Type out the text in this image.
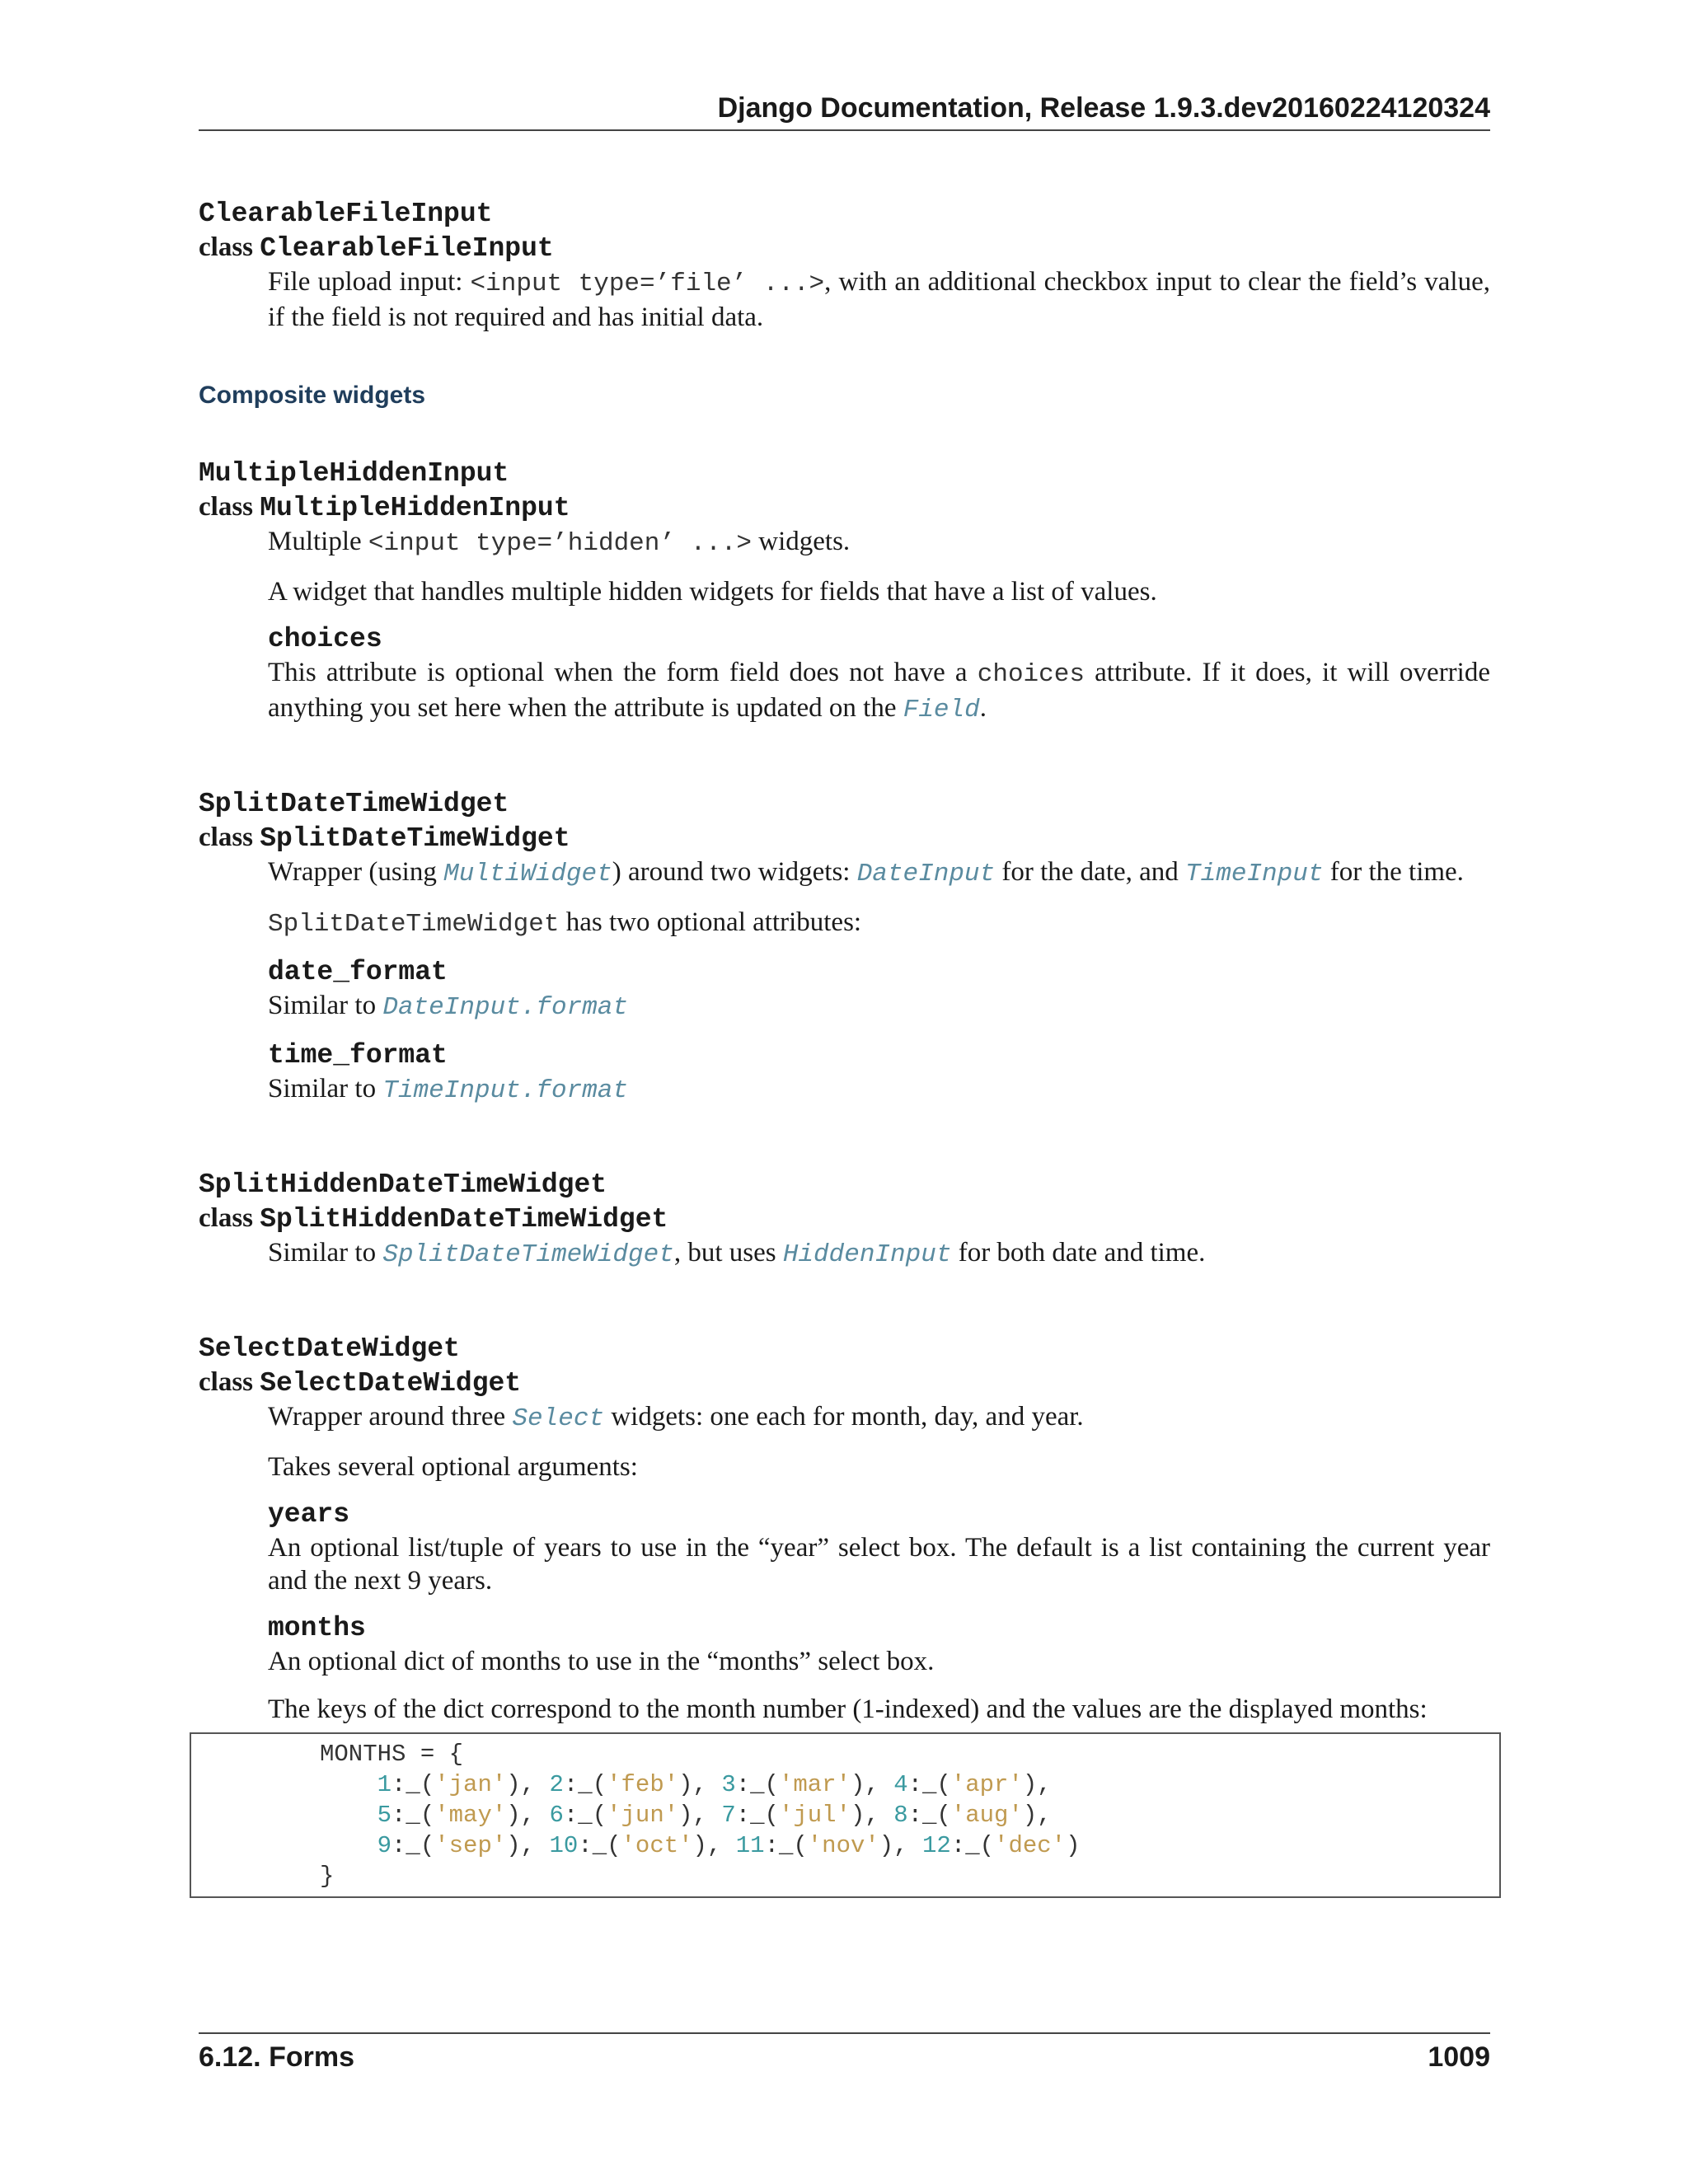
Django Documentation, Release 1.9.3.dev20160224120324
ClearableFileInput
class ClearableFileInput

File upload input: <input type=’file’ ...>, with an additional checkbox input to clear the field’s value, if the field is not required and has initial data.

Composite widgets
MultipleHiddenInput
class MultipleHiddenInput

Multiple <input type=’hidden’ ...> widgets.

A widget that handles multiple hidden widgets for fields that have a list of values.

choices

This attribute is optional when the form field does not have a choices attribute. If it does, it will override anything you set here when the attribute is updated on the Field.

SplitDateTimeWidget
class SplitDateTimeWidget

Wrapper (using MultiWidget) around two widgets: DateInput for the date, and TimeInput for the time.

SplitDateTimeWidget has two optional attributes:

date_format

Similar to DateInput.format

time_format

Similar to TimeInput.format

SplitHiddenDateTimeWidget
class SplitHiddenDateTimeWidget

Similar to SplitDateTimeWidget, but uses HiddenInput for both date and time.

SelectDateWidget
class SelectDateWidget

Wrapper around three Select widgets: one each for month, day, and year.

Takes several optional arguments:

years

An optional list/tuple of years to use in the “year” select box. The default is a list containing the current year and the next 9 years.

months

An optional dict of months to use in the “months” select box.

The keys of the dict correspond to the month number (1-indexed) and the values are the displayed months:

MONTHS = {
1:_('jan'), 2:_('feb'), 3:_('mar'), 4:_('apr'),
5:_('may'), 6:_('jun'), 7:_('jul'), 8:_('aug'),
9:_('sep'), 10:_('oct'), 11:_('nov'), 12:_('dec')
}
6.12. Forms	1009
